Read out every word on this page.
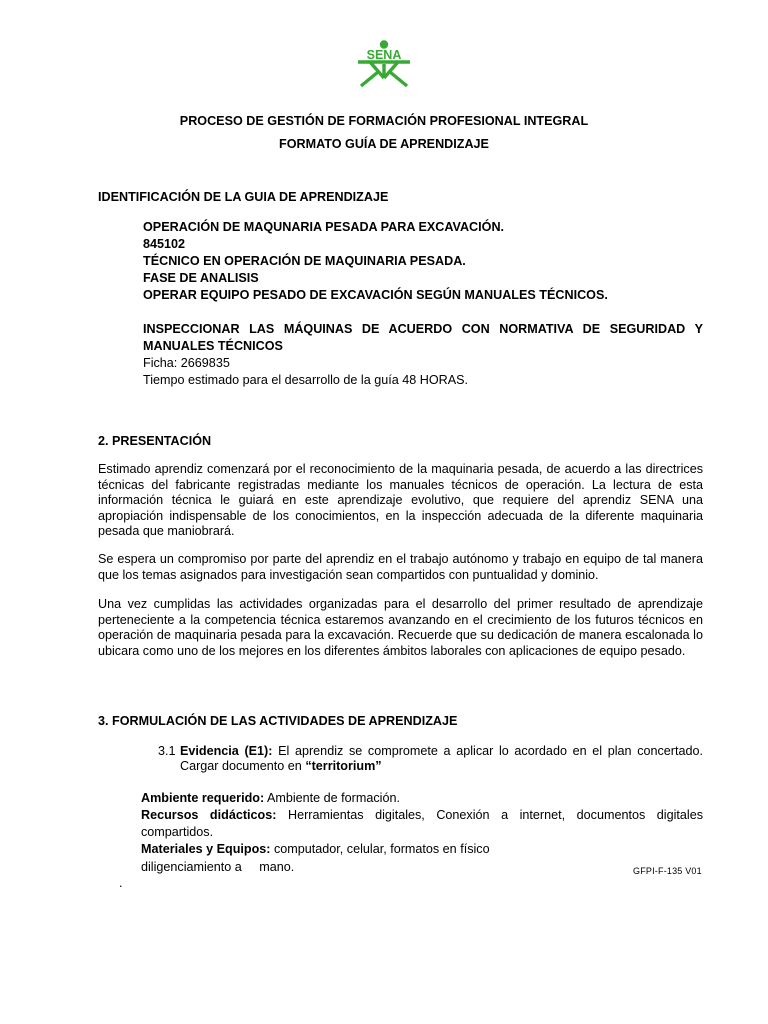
SENA
PROCESO DE GESTIÓN DE FORMACIÓN PROFESIONAL INTEGRAL
FORMATO GUÍA DE APRENDIZAJE
IDENTIFICACIÓN DE LA GUIA DE APRENDIZAJE
OPERACIÓN DE MAQUNARIA PESADA PARA EXCAVACIÓN.
845102
TÉCNICO EN OPERACIÓN DE MAQUINARIA PESADA.
FASE DE ANALISIS
OPERAR EQUIPO PESADO DE EXCAVACIÓN SEGÚN MANUALES TÉCNICOS.
INSPECCIONAR LAS MÁQUINAS DE ACUERDO CON NORMATIVA DE SEGURIDAD Y
MANUALES TÉCNICOS
Ficha: 2669835
Tiempo estimado para el desarrollo de la guía 48 HORAS.
2. PRESENTACIÓN
Estimado aprendiz comenzará por el reconocimiento de la maquinaria pesada, de acuerdo a las directrices técnicas del fabricante registradas mediante los manuales técnicos de operación. La lectura de esta información técnica le guiará en este aprendizaje evolutivo, que requiere del aprendiz SENA una apropiación indispensable de los conocimientos, en la inspección adecuada de la diferente maquinaria pesada que maniobrará.
Se espera un compromiso por parte del aprendiz en el trabajo autónomo y trabajo en equipo de tal manera que los temas asignados para investigación sean compartidos con puntualidad y dominio.
Una vez cumplidas las actividades organizadas para el desarrollo del primer resultado de aprendizaje perteneciente a la competencia técnica estaremos avanzando en el crecimiento de los futuros técnicos en operación de maquinaria pesada para la excavación. Recuerde que su dedicación de manera escalonada lo ubicara como uno de los mejores en los diferentes ámbitos laborales con aplicaciones de equipo pesado.
3. FORMULACIÓN DE LAS ACTIVIDADES DE APRENDIZAJE
3.1 Evidencia (E1): El aprendiz se compromete a aplicar lo acordado en el plan concertado.
Cargar documento en “territorium”
Ambiente requerido: Ambiente de formación.
Recursos didácticos: Herramientas digitales, Conexión a internet, documentos digitales
compartidos.
Materiales y Equipos: computador, celular, formatos en físico
diligenciamiento a     mano.	GFPI-F-135 V01
.
